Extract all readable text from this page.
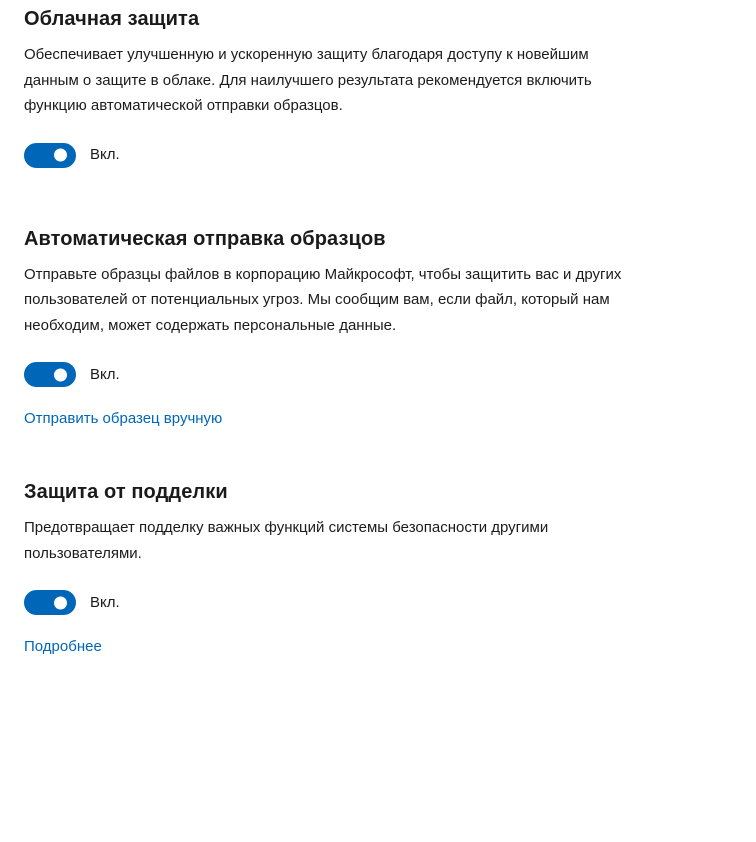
Облачная защита

Обеспечивает улучшенную и ускоренную защиту благодаря доступу к новейшим данным о защите в облаке. Для наилучшего результата рекомендуется включить функцию автоматической отправки образцов.

Вкл.
Автоматическая отправка образцов

Отправьте образцы файлов в корпорацию Майкрософт, чтобы защитить вас и других пользователей от потенциальных угроз. Мы сообщим вам, если файл, который нам необходим, может содержать персональные данные.

Вкл.
Отправить образец вручную
Защита от подделки

Предотвращает подделку важных функций системы безопасности другими пользователями.

Вкл.
Подробнее
